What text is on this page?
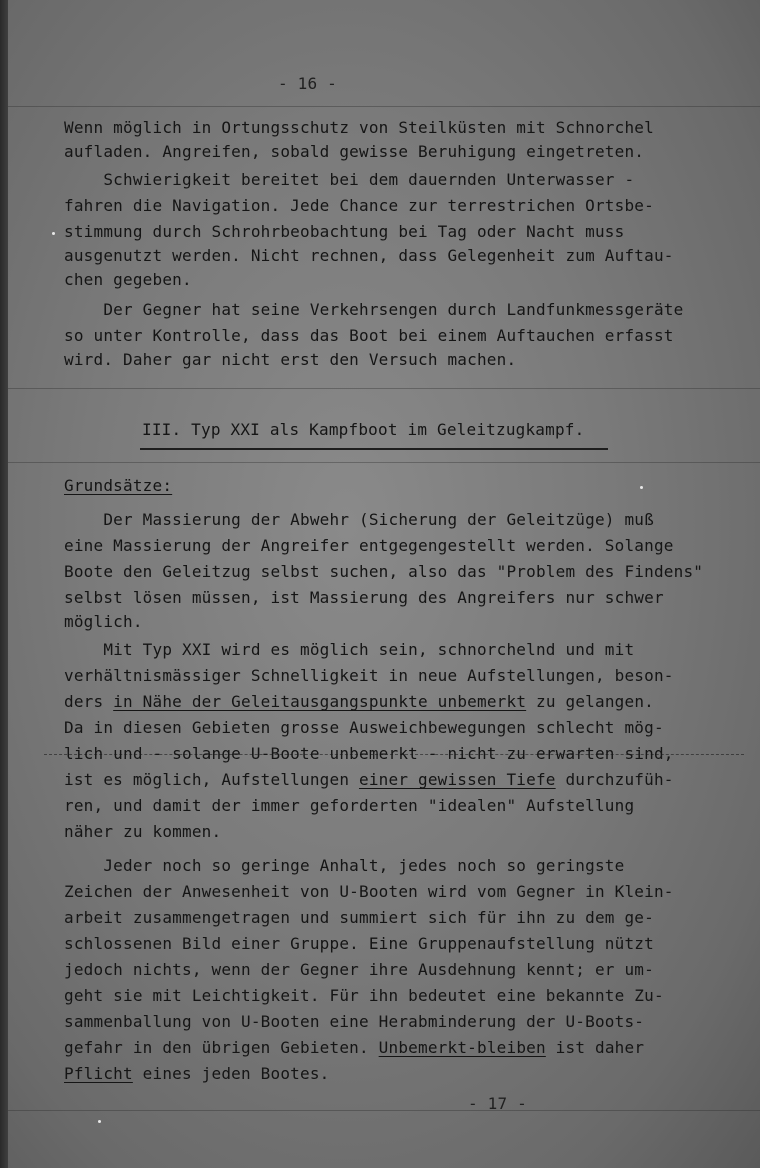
- 16 -
Wenn möglich in Ortungsschutz von Steilküsten mit Schnorchel
aufladen. Angreifen, sobald gewisse Beruhigung eingetreten.
Schwierigkeit bereitet bei dem dauernden Unterwasser -
fahren die Navigation. Jede Chance zur terrestrichen Ortsbe-
stimmung durch Schrohrbeobachtung bei Tag oder Nacht muss
ausgenutzt werden. Nicht rechnen, dass Gelegenheit zum Auftau-
chen gegeben.
Der Gegner hat seine Verkehrsengen durch Landfunkmessgeräte
so unter Kontrolle, dass das Boot bei einem Auftauchen erfasst
wird. Daher gar nicht erst den Versuch machen.
III. Typ XXI als Kampfboot im Geleitzugkampf.
Grundsätze:
Der Massierung der Abwehr (Sicherung der Geleitzüge) muß
eine Massierung der Angreifer entgegengestellt werden. Solange
Boote den Geleitzug selbst suchen, also das "Problem des Findens"
selbst lösen müssen, ist Massierung des Angreifers nur schwer
möglich.
Mit Typ XXI wird es möglich sein, schnorchelnd und mit
verhältnismässiger Schnelligkeit in neue Aufstellungen, beson-
ders in Nähe der Geleitausgangspunkte unbemerkt zu gelangen.
Da in diesen Gebieten grosse Ausweichbewegungen schlecht mög-
lich und - solange U-Boote unbemerkt - nicht zu erwarten sind,
ist es möglich, Aufstellungen einer gewissen Tiefe durchzufüh-
ren, und damit der immer geforderten "idealen" Aufstellung
näher zu kommen.
Jeder noch so geringe Anhalt, jedes noch so geringste
Zeichen der Anwesenheit von U-Booten wird vom Gegner in Klein-
arbeit zusammengetragen und summiert sich für ihn zu dem ge-
schlossenen Bild einer Gruppe. Eine Gruppenaufstellung nützt
jedoch nichts, wenn der Gegner ihre Ausdehnung kennt; er um-
geht sie mit Leichtigkeit. Für ihn bedeutet eine bekannte Zu-
sammenballung von U-Booten eine Herabminderung der U-Boots-
gefahr in den übrigen Gebieten. Unbemerkt-bleiben ist daher
Pflicht eines jeden Bootes.
- 17 -
